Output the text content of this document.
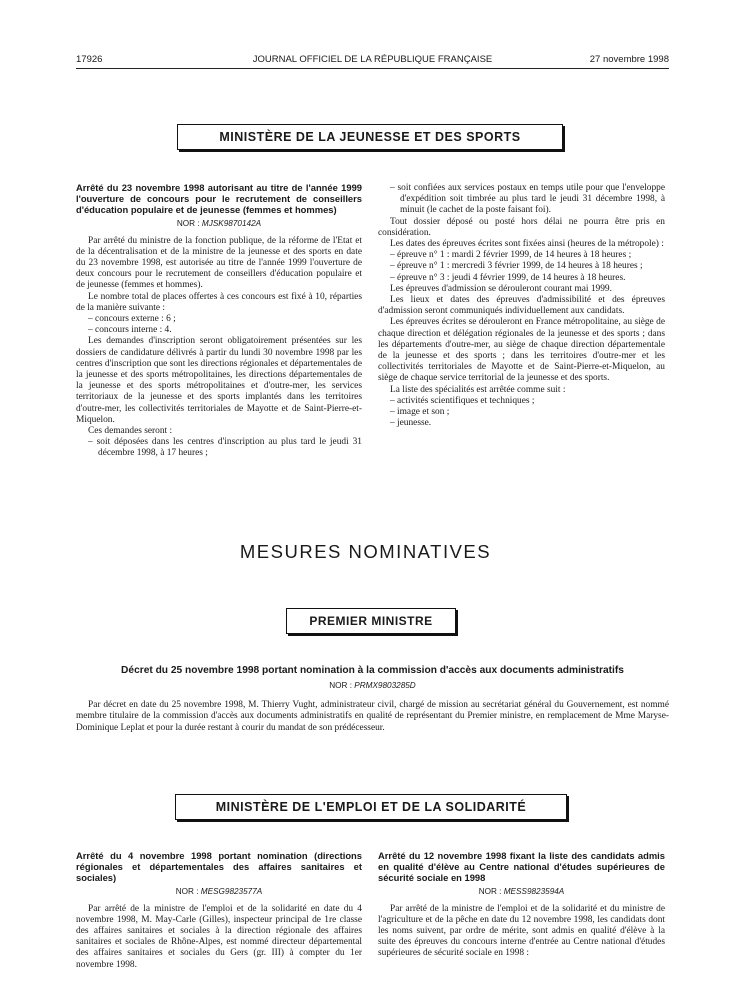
17926	JOURNAL OFFICIEL DE LA RÉPUBLIQUE FRANÇAISE	27 novembre 1998
MINISTÈRE DE LA JEUNESSE ET DES SPORTS

Arrêté du 23 novembre 1998 autorisant au titre de l'année 1999 l'ouverture de concours pour le recrutement de conseillers d'éducation populaire et de jeunesse (femmes et hommes)

NOR : MJSK9870142A

Par arrêté du ministre de la fonction publique, de la réforme de l'Etat et de la décentralisation et de la ministre de la jeunesse et des sports en date du 23 novembre 1998, est autorisée au titre de l'année 1999 l'ouverture de deux concours pour le recrutement de conseillers d'éducation populaire et de jeunesse (femmes et hommes).

Le nombre total de places offertes à ces concours est fixé à 10, réparties de la manière suivante :

– concours externe : 6 ;

– concours interne : 4.

Les demandes d'inscription seront obligatoirement présentées sur les dossiers de candidature délivrés à partir du lundi 30 novembre 1998 par les centres d'inscription que sont les directions régionales et départementales de la jeunesse et des sports métropolitaines, les directions départementales de la jeunesse et des sports métropolitaines et d'outre-mer, les services territoriaux de la jeunesse et des sports implantés dans les territoires d'outre-mer, les collectivités territoriales de Mayotte et de Saint-Pierre-et-Miquelon.

Ces demandes seront :

– soit déposées dans les centres d'inscription au plus tard le jeudi 31 décembre 1998, à 17 heures ;

– soit confiées aux services postaux en temps utile pour que l'enveloppe d'expédition soit timbrée au plus tard le jeudi 31 décembre 1998, à minuit (le cachet de la poste faisant foi).

Tout dossier déposé ou posté hors délai ne pourra être pris en considération.

Les dates des épreuves écrites sont fixées ainsi (heures de la métropole) :

– épreuve n° 1 : mardi 2 février 1999, de 14 heures à 18 heures ;

– épreuve n° 1 : mercredi 3 février 1999, de 14 heures à 18 heures ;

– épreuve n° 3 : jeudi 4 février 1999, de 14 heures à 18 heures.

Les épreuves d'admission se dérouleront courant mai 1999.

Les lieux et dates des épreuves d'admissibilité et des épreuves d'admission seront communiqués individuellement aux candidats.

Les épreuves écrites se dérouleront en France métropolitaine, au siège de chaque direction et délégation régionales de la jeunesse et des sports ; dans les départements d'outre-mer, au siège de chaque direction départementale de la jeunesse et des sports ; dans les territoires d'outre-mer et les collectivités territoriales de Mayotte et de Saint-Pierre-et-Miquelon, au siège de chaque service territorial de la jeunesse et des sports.

La liste des spécialités est arrêtée comme suit :

– activités scientifiques et techniques ;

– image et son ;

– jeunesse.

MESURES NOMINATIVES
PREMIER MINISTRE
Décret du 25 novembre 1998 portant nomination à la commission d'accès aux documents administratifs
NOR : PRMX9803285D
Par décret en date du 25 novembre 1998, M. Thierry Vught, administrateur civil, chargé de mission au secrétariat général du Gouvernement, est nommé membre titulaire de la commission d'accès aux documents administratifs en qualité de représentant du Premier ministre, en remplacement de Mme Maryse-Dominique Leplat et pour la durée restant à courir du mandat de son prédécesseur.
MINISTÈRE DE L'EMPLOI ET DE LA SOLIDARITÉ

Arrêté du 4 novembre 1998 portant nomination (directions régionales et départementales des affaires sanitaires et sociales)

NOR : MESG9823577A

Par arrêté de la ministre de l'emploi et de la solidarité en date du 4 novembre 1998, M. May-Carle (Gilles), inspecteur principal de 1re classe des affaires sanitaires et sociales à la direction régionale des affaires sanitaires et sociales de Rhône-Alpes, est nommé directeur départemental des affaires sanitaires et sociales du Gers (gr. III) à compter du 1er novembre 1998.

Arrêté du 12 novembre 1998 fixant la liste des candidats admis en qualité d'élève au Centre national d'études supérieures de sécurité sociale en 1998

NOR : MESS9823594A

Par arrêté de la ministre de l'emploi et de la solidarité et du ministre de l'agriculture et de la pêche en date du 12 novembre 1998, les candidats dont les noms suivent, par ordre de mérite, sont admis en qualité d'élève à la suite des épreuves du concours interne d'entrée au Centre national d'études supérieures de sécurité sociale en 1998 :
